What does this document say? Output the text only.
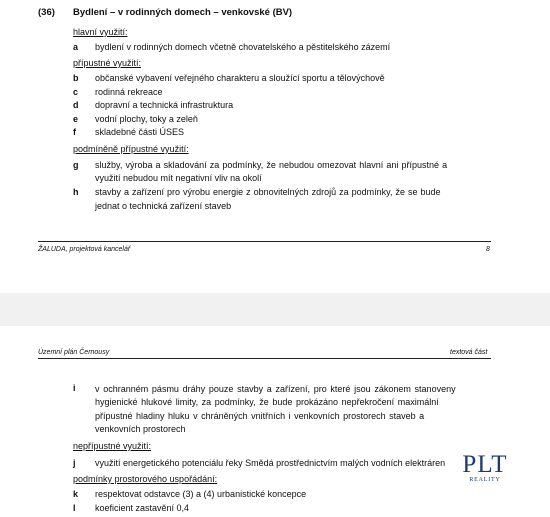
(36) Bydlení – v rodinných domech – venkovské (BV)
hlavní využití:
a bydlení v rodinných domech včetně chovatelského a pěstitelského zázemí
přípustné využití:
b občanské vybavení veřejného charakteru a sloužící sportu a tělovýchově
c rodinná rekreace
d dopravní a technická infrastruktura
e vodní plochy, toky a zeleň
f skladebné části ÚSES
podmíněně přípustné využití:
g služby, výroba a skladování za podmínky, že nebudou omezovat hlavní ani přípustné a
využití nebudou mít negativní vliv na okolí
h stavby a zařízení pro výrobu energie z obnovitelných zdrojů za podmínky, že se bude
jednat o technická zařízení staveb
ŽALUDA, projektová kancelář	8
Územní plán Černousy	textová část
i v ochranném pásmu dráhy pouze stavby a zařízení, pro které jsou zákonem stanoveny
hygienické hlukové limity, za podmínky, že bude prokázáno nepřekročení maximální
přípustné hladiny hluku v chráněných vnitřních i venkovních prostorech staveb a
venkovních prostorech
nepřípustné využití:
j využití energetického potenciálu řeky Smědá prostřednictvím malých vodních elektráren
podmínky prostorového uspořádání:
k respektovat odstavce (3) a (4) urbanistické koncepce
l koeficient zastavění 0,4
PLT
REALITY
